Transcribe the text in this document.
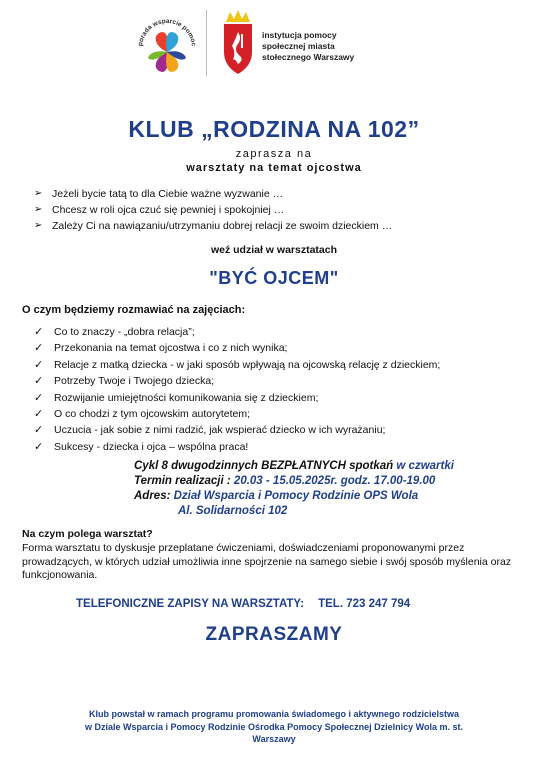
porada wsparcie pomoc
instytucja pomocy
społecznej miasta
stołecznego Warszawy
KLUB „RODZINA NA 102”
zaprasza na
warsztaty na temat ojcostwa
➢ Jeżeli bycie tatą to dla Ciebie ważne wyzwanie …
➢ Chcesz w roli ojca czuć się pewniej i spokojniej …
➢ Zależy Ci na nawiązaniu/utrzymaniu dobrej relacji ze swoim dzieckiem …
weź udział w warsztatach
"BYĆ OJCEM"
O czym będziemy rozmawiać na zajęciach:
✓ Co to znaczy - „dobra relacja”;
✓ Przekonania na temat ojcostwa i co z nich wynika;
✓ Relacje z matką dziecka - w jaki sposób wpływają na ojcowską relację z dzieckiem;
✓ Potrzeby Twoje i Twojego dziecka;
✓ Rozwijanie umiejętności komunikowania się z dzieckiem;
✓ O co chodzi z tym ojcowskim autorytetem;
✓ Uczucia - jak sobie z nimi radzić, jak wspierać dziecko w ich wyrażaniu;
✓ Sukcesy - dziecka i ojca – wspólna praca!
Cykl 8 dwugodzinnych BEZPŁATNYCH spotkań w czwartki
Termin realizacji : 20.03 - 15.05.2025r. godz. 17.00-19.00
Adres: Dział Wsparcia i Pomocy Rodzinie OPS Wola
Al. Solidarności 102
Na czym polega warsztat?
Forma warsztatu to dyskusje przeplatane ćwiczeniami, doświadczeniami proponowanymi przez prowadzących, w których udział umożliwia inne spojrzenie na samego siebie i swój sposób myślenia oraz funkcjonowania.
TELEFONICZNE ZAPISY NA WARSZTATY: TEL. 723 247 794
ZAPRASZAMY
Klub powstał w ramach programu promowania świadomego i aktywnego rodzicielstwa
w Dziale Wsparcia i Pomocy Rodzinie Ośrodka Pomocy Społecznej Dzielnicy Wola m. st.
Warszawy
